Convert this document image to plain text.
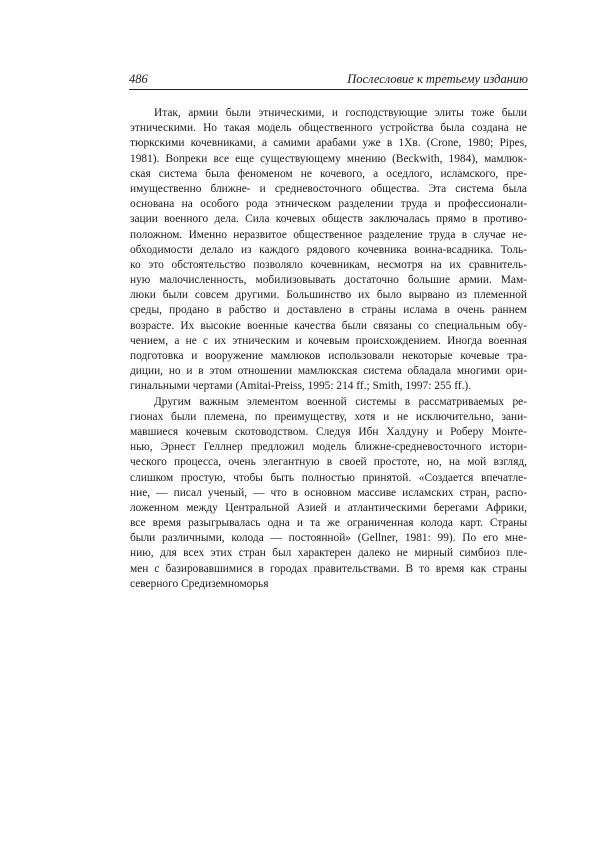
486	Послесловие к третьему изданию
Итак, армии были этническими, и господствующие элиты тоже были
этническими. Но такая модель общественного устройства была создана не
тюркскими кочевниками, а самими арабами уже в 1Хв. (Crone, 1980; Pipes,
1981). Вопреки все еще существующему мнению (Beckwith, 1984), мамлюк-
ская система была феноменом не кочевого, а оседлого, исламского, пре-
имущественно ближне- и средневосточного общества. Эта система была
основана на особого рода этническом разделении труда и профессионали-
зации военного дела. Сила кочевых обществ заключалась прямо в противо-
положном. Именно неразвитое общественное разделение труда в случае не-
обходимости делало из каждого рядового кочевника воина-всадника. Толь-
ко это обстоятельство позволяло кочевникам, несмотря на их сравнитель-
ную малочисленность, мобилизовывать достаточно большие армии. Мам-
люки были совсем другими. Большинство их было вырвано из племенной
среды, продано в рабство и доставлено в страны ислама в очень раннем
возрасте. Их высокие военные качества были связаны со специальным обу-
чением, а не с их этническим и кочевым происхождением. Иногда военная
подготовка и вооружение мамлюков использовали некоторые кочевые тра-
диции, но и в этом отношении мамлюкская система обладала многими ори-
гинальными чертами (Amitai-Preiss, 1995: 214 ff.; Smith, 1997: 255 ff.).
Другим важным элементом военной системы в рассматриваемых ре-
гионах были племена, по преимуществу, хотя и не исключительно, зани-
мавшиеся кочевым скотоводством. Следуя Ибн Халдуну и Роберу Монте-
нью, Эрнест Геллнер предложил модель ближне-средневосточного истори-
ческого процесса, очень элегантную в своей простоте, но, на мой взгляд,
слишком простую, чтобы быть полностью принятой. «Создается впечатле-
ние, — писал ученый, — что в основном массиве исламских стран, распо-
ложенном между Центральной Азией и атлантическими берегами Африки,
все время разыгрывалась одна и та же ограниченная колода карт. Страны
были различными, колода — постоянной» (Gellner, 1981: 99). По его мне-
нию, для всех этих стран был характерен далеко не мирный симбиоз пле-
мен с базировавшимися в городах правительствами. В то время как страны
северного Средиземноморья
